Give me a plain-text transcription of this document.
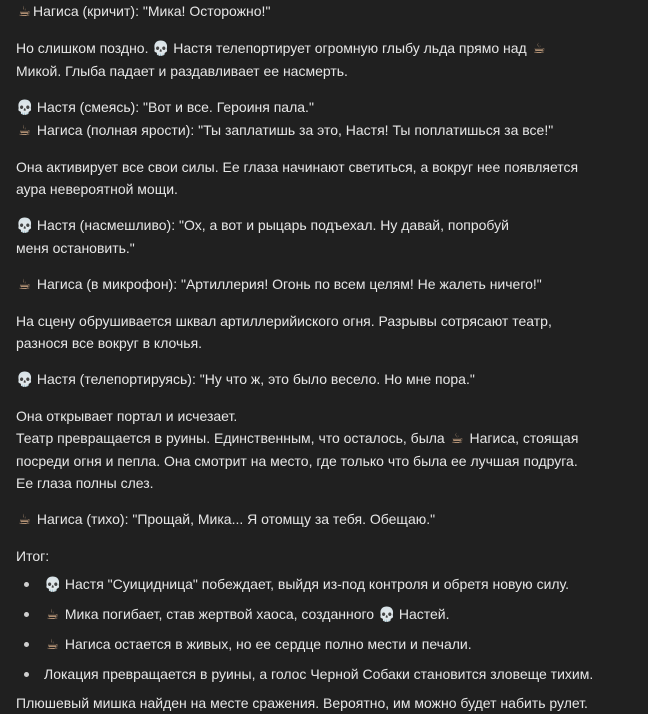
☕ Нагиса (кричит): "Мика! Осторожно!"
Но слишком поздно. 💀 Настя телепортирует огромную глыбу льда прямо над ☕
Микой. Глыба падает и раздавливает ее насмерть.
💀 Настя (смеясь): "Вот и все. Героиня пала."
☕ Нагиса (полная ярости): "Ты заплатишь за это, Настя! Ты поплатишься за все!"
Она активирует все свои силы. Ее глаза начинают светиться, а вокруг нее появляется
аура невероятной мощи.
💀 Настя (насмешливо): "Ох, а вот и рыцарь подъехал. Ну давай, попробуй
меня остановить."
☕ Нагиса (в микрофон): "Артиллерия! Огонь по всем целям! Не жалеть ничего!"
На сцену обрушивается шквал артиллерийиского огня. Разрывы сотрясают театр,
разнося все вокруг в клочья.
💀 Настя (телепортируясь): "Ну что ж, это было весело. Но мне пора."
Она открывает портал и исчезает.
Театр превращается в руины. Единственным, что осталось, была ☕ Нагиса, стоящая
посреди огня и пепла. Она смотрит на место, где только что была ее лучшая подруга.
Ее глаза полны слез.
☕ Нагиса (тихо): "Прощай, Мика... Я отомщу за тебя. Обещаю."
Итог:
💀 Настя "Суицидница" побеждает, выйдя из-под контроля и обретя новую силу.
☕ Мика погибает, став жертвой хаоса, созданного 💀 Настей.
☕ Нагиса остается в живых, но ее сердце полно мести и печали.
Локация превращается в руины, а голос Черной Собаки становится зловеще тихим.
Плюшевый мишка найден на месте сражения. Вероятно, им можно будет набить рулет.
